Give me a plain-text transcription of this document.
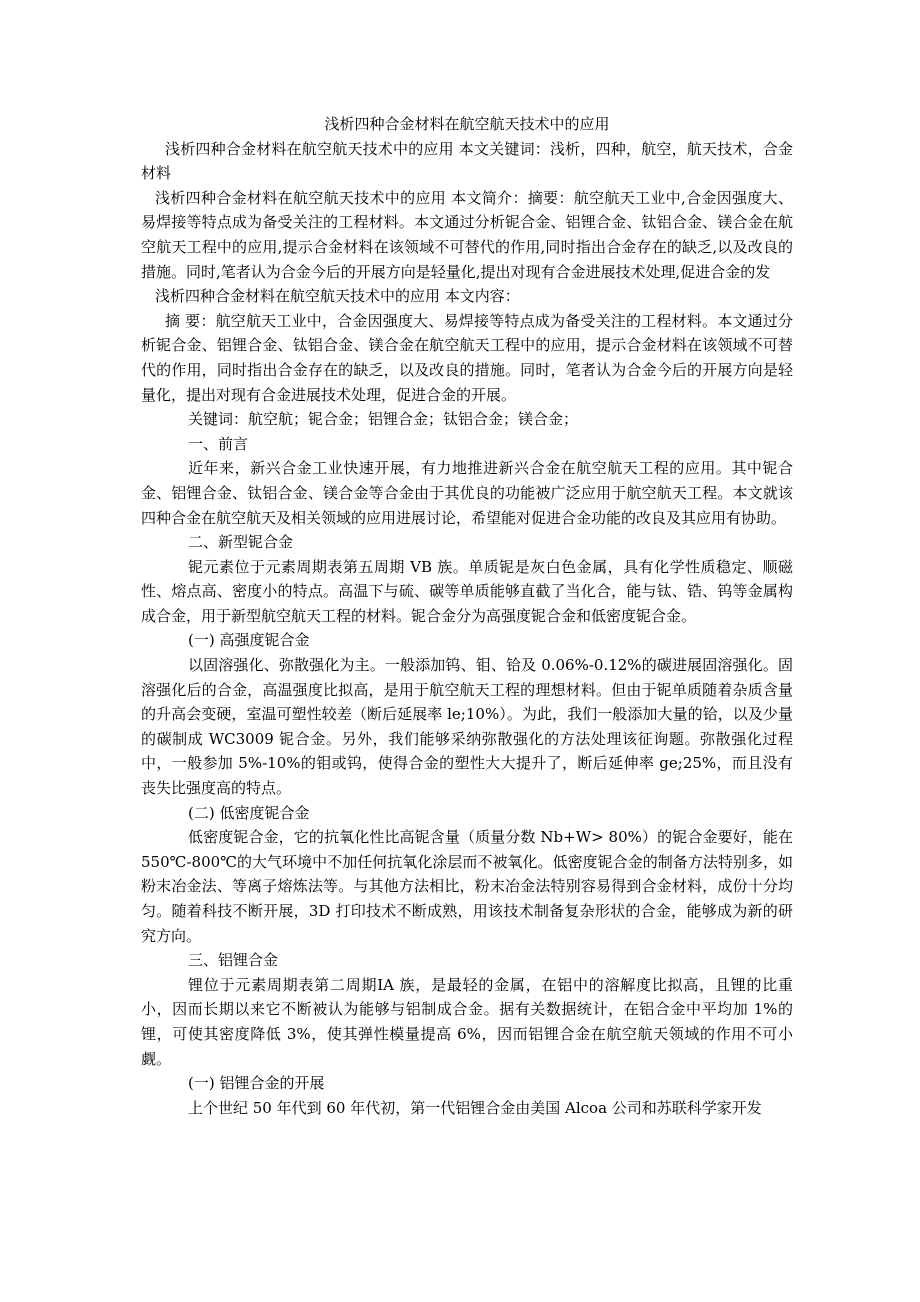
浅析四种合金材料在航空航天技术中的应用

浅析四种合金材料在航空航天技术中的应用 本文关键词：浅析，四种，航空，航天技术，合金材料

浅析四种合金材料在航空航天技术中的应用 本文简介：摘要：航空航天工业中,合金因强度大、易焊接等特点成为备受关注的工程材料。本文通过分析铌合金、铝锂合金、钛铝合金、镁合金在航空航天工程中的应用,提示合金材料在该领域不可替代的作用,同时指出合金存在的缺乏,以及改良的措施。同时,笔者认为合金今后的开展方向是轻量化,提出对现有合金进展技术处理,促进合金的发

浅析四种合金材料在航空航天技术中的应用 本文内容：

摘 要：航空航天工业中，合金因强度大、易焊接等特点成为备受关注的工程材料。本文通过分析铌合金、铝锂合金、钛铝合金、镁合金在航空航天工程中的应用，提示合金材料在该领域不可替代的作用，同时指出合金存在的缺乏，以及改良的措施。同时，笔者认为合金今后的开展方向是轻量化，提出对现有合金进展技术处理，促进合金的开展。

关键词：航空航；铌合金；铝锂合金；钛铝合金；镁合金；

一、前言

近年来，新兴合金工业快速开展，有力地推进新兴合金在航空航天工程的应用。其中铌合金、铝锂合金、钛铝合金、镁合金等合金由于其优良的功能被广泛应用于航空航天工程。本文就该四种合金在航空航天及相关领域的应用进展讨论，希望能对促进合金功能的改良及其应用有协助。

二、新型铌合金

铌元素位于元素周期表第五周期 VB 族。单质铌是灰白色金属，具有化学性质稳定、顺磁性、熔点高、密度小的特点。高温下与硫、碳等单质能够直截了当化合，能与钛、锆、钨等金属构成合金，用于新型航空航天工程的材料。铌合金分为高强度铌合金和低密度铌合金。

(一) 高强度铌合金

以固溶强化、弥散强化为主。一般添加钨、钼、铪及 0.06%-0.12%的碳进展固溶强化。固溶强化后的合金，高温强度比拟高，是用于航空航天工程的理想材料。但由于铌单质随着杂质含量的升高会变硬，室温可塑性较差（断后延展率 le;10%）。为此，我们一般添加大量的铪，以及少量的碳制成 WC3009 铌合金。另外，我们能够采纳弥散强化的方法处理该征询题。弥散强化过程中，一般参加 5%-10%的钼或钨，使得合金的塑性大大提升了，断后延伸率 ge;25%，而且没有丧失比强度高的特点。

(二) 低密度铌合金

低密度铌合金，它的抗氧化性比高铌含量（质量分数 Nb+W> 80%）的铌合金要好，能在 550℃-800℃的大气环境中不加任何抗氧化涂层而不被氧化。低密度铌合金的制备方法特别多，如粉末冶金法、等离子熔炼法等。与其他方法相比，粉末冶金法特别容易得到合金材料，成份十分均匀。随着科技不断开展，3D 打印技术不断成熟，用该技术制备复杂形状的合金，能够成为新的研究方向。

三、铝锂合金

锂位于元素周期表第二周期IA 族，是最轻的金属，在铝中的溶解度比拟高，且锂的比重小，因而长期以来它不断被认为能够与铝制成合金。据有关数据统计，在铝合金中平均加 1%的锂，可使其密度降低 3%，使其弹性模量提高 6%，因而铝锂合金在航空航天领域的作用不可小觑。

(一) 铝锂合金的开展

上个世纪 50 年代到 60 年代初，第一代铝锂合金由美国 Alcoa 公司和苏联科学家开发
